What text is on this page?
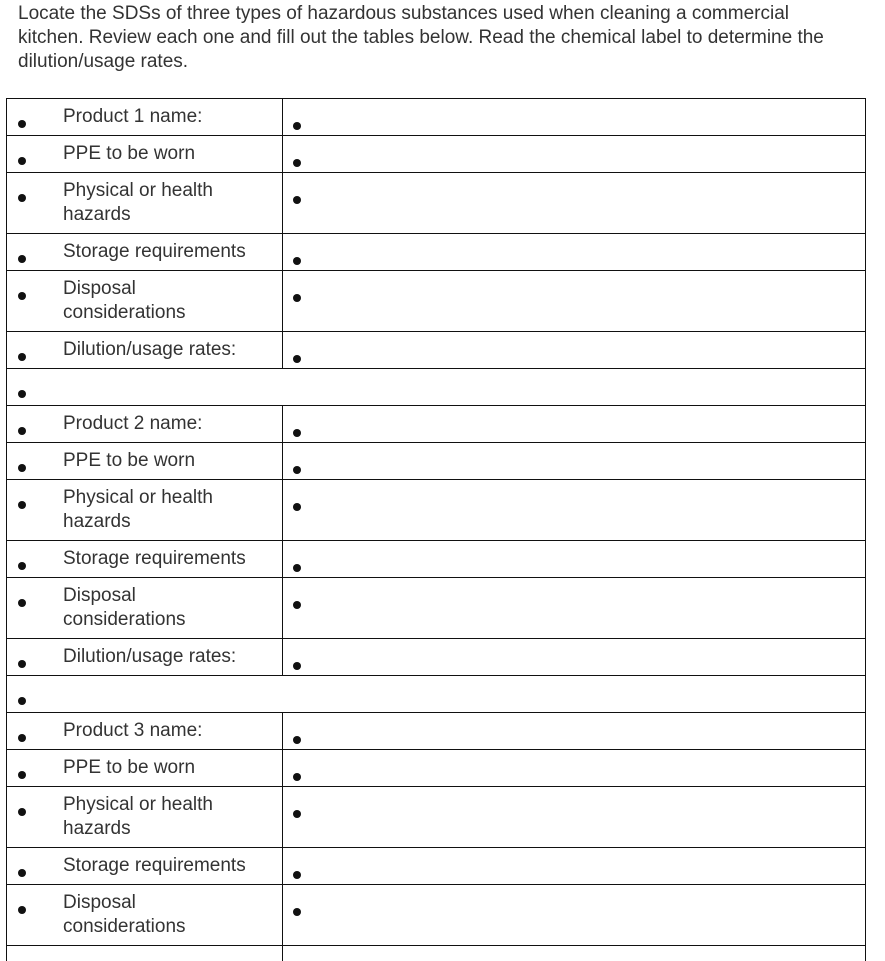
Locate the SDSs of three types of hazardous substances used when cleaning a commercial
kitchen. Review each one and fill out the tables below. Read the chemical label to determine the
dilution/usage rates.
Product 1 name:
PPE to be worn
Physical or health hazards
Storage requirements
Disposal considerations
Dilution/usage rates:
Product 2 name:
PPE to be worn
Physical or health hazards
Storage requirements
Disposal considerations
Dilution/usage rates:
Product 3 name:
PPE to be worn
Physical or health hazards
Storage requirements
Disposal considerations
